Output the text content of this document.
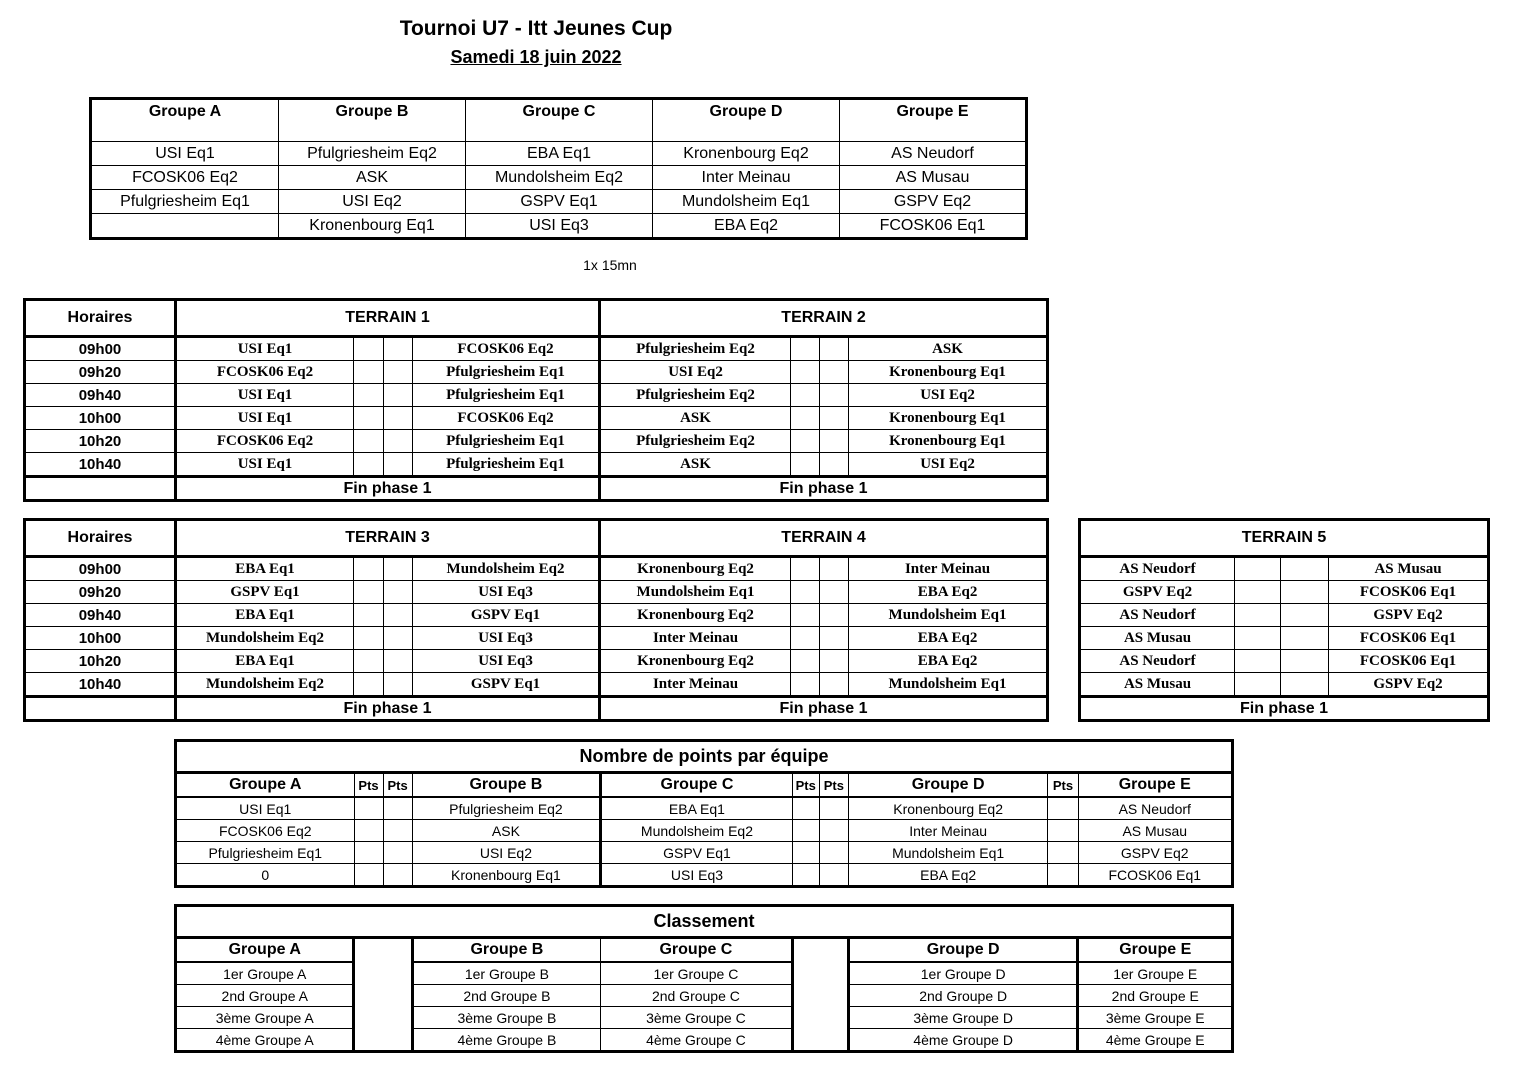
Tournoi U7 - Itt Jeunes Cup
Samedi 18 juin 2022
Groupe A	Groupe B	Groupe C	Groupe D	Groupe E
USI Eq1	Pfulgriesheim Eq2	EBA Eq1	Kronenbourg Eq2	AS Neudorf
FCOSK06 Eq2	ASK	Mundolsheim Eq2	Inter Meinau	AS Musau
Pfulgriesheim Eq1	USI Eq2	GSPV Eq1	Mundolsheim Eq1	GSPV Eq2
	Kronenbourg Eq1	USI Eq3	EBA Eq2	FCOSK06 Eq1
1x 15mn
Horaires	TERRAIN 1				TERRAIN 2			
09h00	USI Eq1			FCOSK06 Eq2	Pfulgriesheim Eq2			ASK
09h20	FCOSK06 Eq2			Pfulgriesheim Eq1	USI Eq2			Kronenbourg Eq1
09h40	USI Eq1			Pfulgriesheim Eq1	Pfulgriesheim Eq2			USI Eq2
10h00	USI Eq1			FCOSK06 Eq2	ASK			Kronenbourg Eq1
10h20	FCOSK06 Eq2			Pfulgriesheim Eq1	Pfulgriesheim Eq2			Kronenbourg Eq1
10h40	USI Eq1			Pfulgriesheim Eq1	ASK			USI Eq2
	Fin phase 1				Fin phase 1			
Horaires	TERRAIN 3				TERRAIN 4			
09h00	EBA Eq1			Mundolsheim Eq2	Kronenbourg Eq2			Inter Meinau
09h20	GSPV Eq1			USI Eq3	Mundolsheim Eq1			EBA Eq2
09h40	EBA Eq1			GSPV Eq1	Kronenbourg Eq2			Mundolsheim Eq1
10h00	Mundolsheim Eq2			USI Eq3	Inter Meinau			EBA Eq2
10h20	EBA Eq1			USI Eq3	Kronenbourg Eq2			EBA Eq2
10h40	Mundolsheim Eq2			GSPV Eq1	Inter Meinau			Mundolsheim Eq1
	Fin phase 1				Fin phase 1			
TERRAIN 5			
AS Neudorf			AS Musau
GSPV Eq2			FCOSK06 Eq1
AS Neudorf			GSPV Eq2
AS Musau			FCOSK06 Eq1
AS Neudorf			FCOSK06 Eq1
AS Musau			GSPV Eq2
Fin phase 1			
Nombre de points par équipe									
Groupe A	Pts	Pts	Groupe B	Groupe C	Pts	Pts	Groupe D	Pts	Groupe E
USI Eq1			Pfulgriesheim Eq2	EBA Eq1			Kronenbourg Eq2		AS Neudorf
FCOSK06 Eq2			ASK	Mundolsheim Eq2			Inter Meinau		AS Musau
Pfulgriesheim Eq1			USI Eq2	GSPV Eq1			Mundolsheim Eq1		GSPV Eq2
0			Kronenbourg Eq1	USI Eq3			EBA Eq2		FCOSK06 Eq1
Classement						
Groupe A		Groupe B	Groupe C		Groupe D	Groupe E
1er Groupe A		1er Groupe B	1er Groupe C		1er Groupe D	1er Groupe E
2nd Groupe A		2nd Groupe B	2nd Groupe C		2nd Groupe D	2nd Groupe E
3ème Groupe A		3ème Groupe B	3ème Groupe C		3ème Groupe D	3ème Groupe E
4ème Groupe A		4ème Groupe B	4ème Groupe C		4ème Groupe D	4ème Groupe E
